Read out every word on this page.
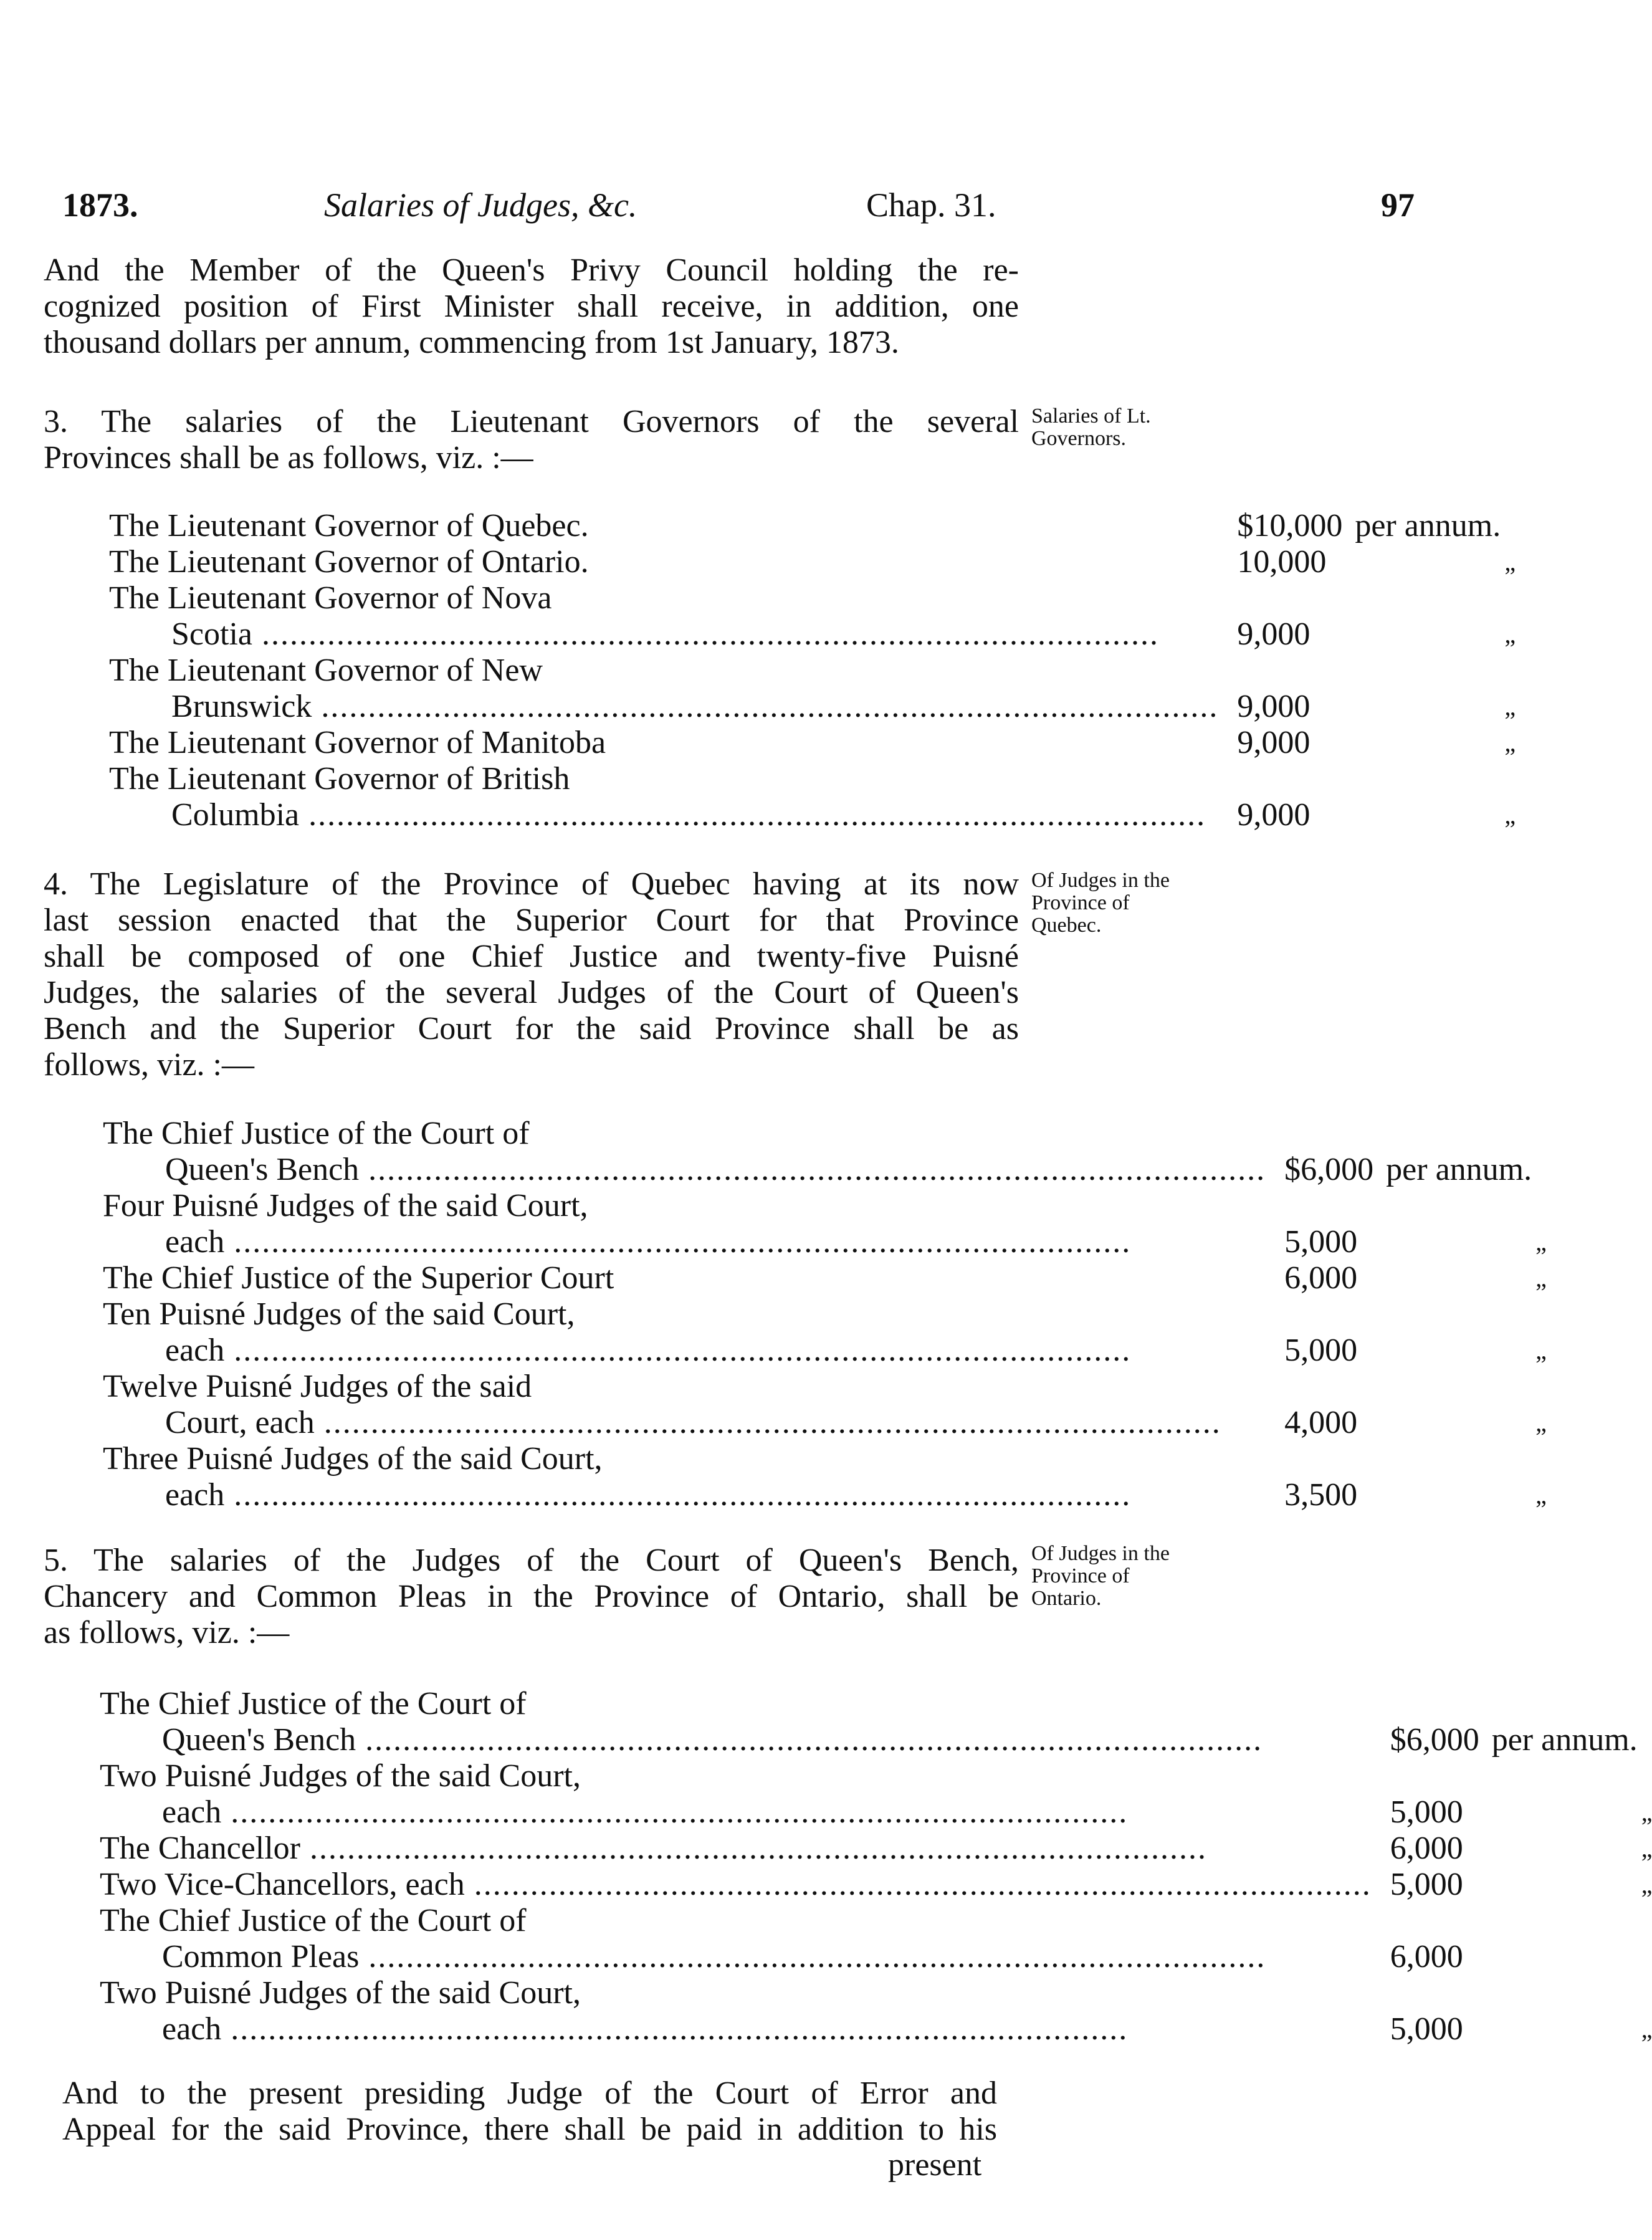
1873.	Salaries of Judges, &c.	Chap. 31.	97
And the Member of the Queen's Privy Council holding the re-
cognized position of First Minister shall receive, in addition, one
thousand dollars per annum, commencing from 1st January, 1873.
3. The salaries of the Lieutenant Governors of the several
Provinces shall be as follows, viz. :—
Salaries of Lt. Governors.
The Lieutenant Governor of Quebec.	$10,000	per annum.

The Lieutenant Governor of Ontario.	10,000	„

The Lieutenant Governor of Nova
Scotia .....	9,000	„

The Lieutenant Governor of New
Brunswick .....	9,000	„

The Lieutenant Governor of Manitoba	9,000	„

The Lieutenant Governor of British
Columbia .....	9,000	„
4. The Legislature of the Province of Quebec having at its now
last session enacted that the Superior Court for that Province
shall be composed of one Chief Justice and twenty-five Puisné
Judges, the salaries of the several Judges of the Court of Queen's
Bench and the Superior Court for the said Province shall be as
follows, viz. :—
Of Judges in the Province of Quebec.
The Chief Justice of the Court of
Queen's Bench .....	$6,000	per annum.

Four Puisné Judges of the said Court,
each .....	5,000	„

The Chief Justice of the Superior Court	6,000	„

Ten Puisné Judges of the said Court,
each .....	5,000	„

Twelve Puisné Judges of the said
Court, each .....	4,000	„

Three Puisné Judges of the said Court,
each .....	3,500	„
5. The salaries of the Judges of the Court of Queen's Bench,
Chancery and Common Pleas in the Province of Ontario, shall be
as follows, viz. :—
Of Judges in the Province of Ontario.
The Chief Justice of the Court of
Queen's Bench .....	$6,000	per annum.

Two Puisné Judges of the said Court,
each .....	5,000	„

The Chancellor .....	6,000	„

Two Vice-Chancellors, each .....	5,000	„

The Chief Justice of the Court of
Common Pleas .....	6,000	

Two Puisné Judges of the said Court,
each .....	5,000	„
And to the present presiding Judge of the Court of Error and
Appeal for the said Province, there shall be paid in addition to his
present
